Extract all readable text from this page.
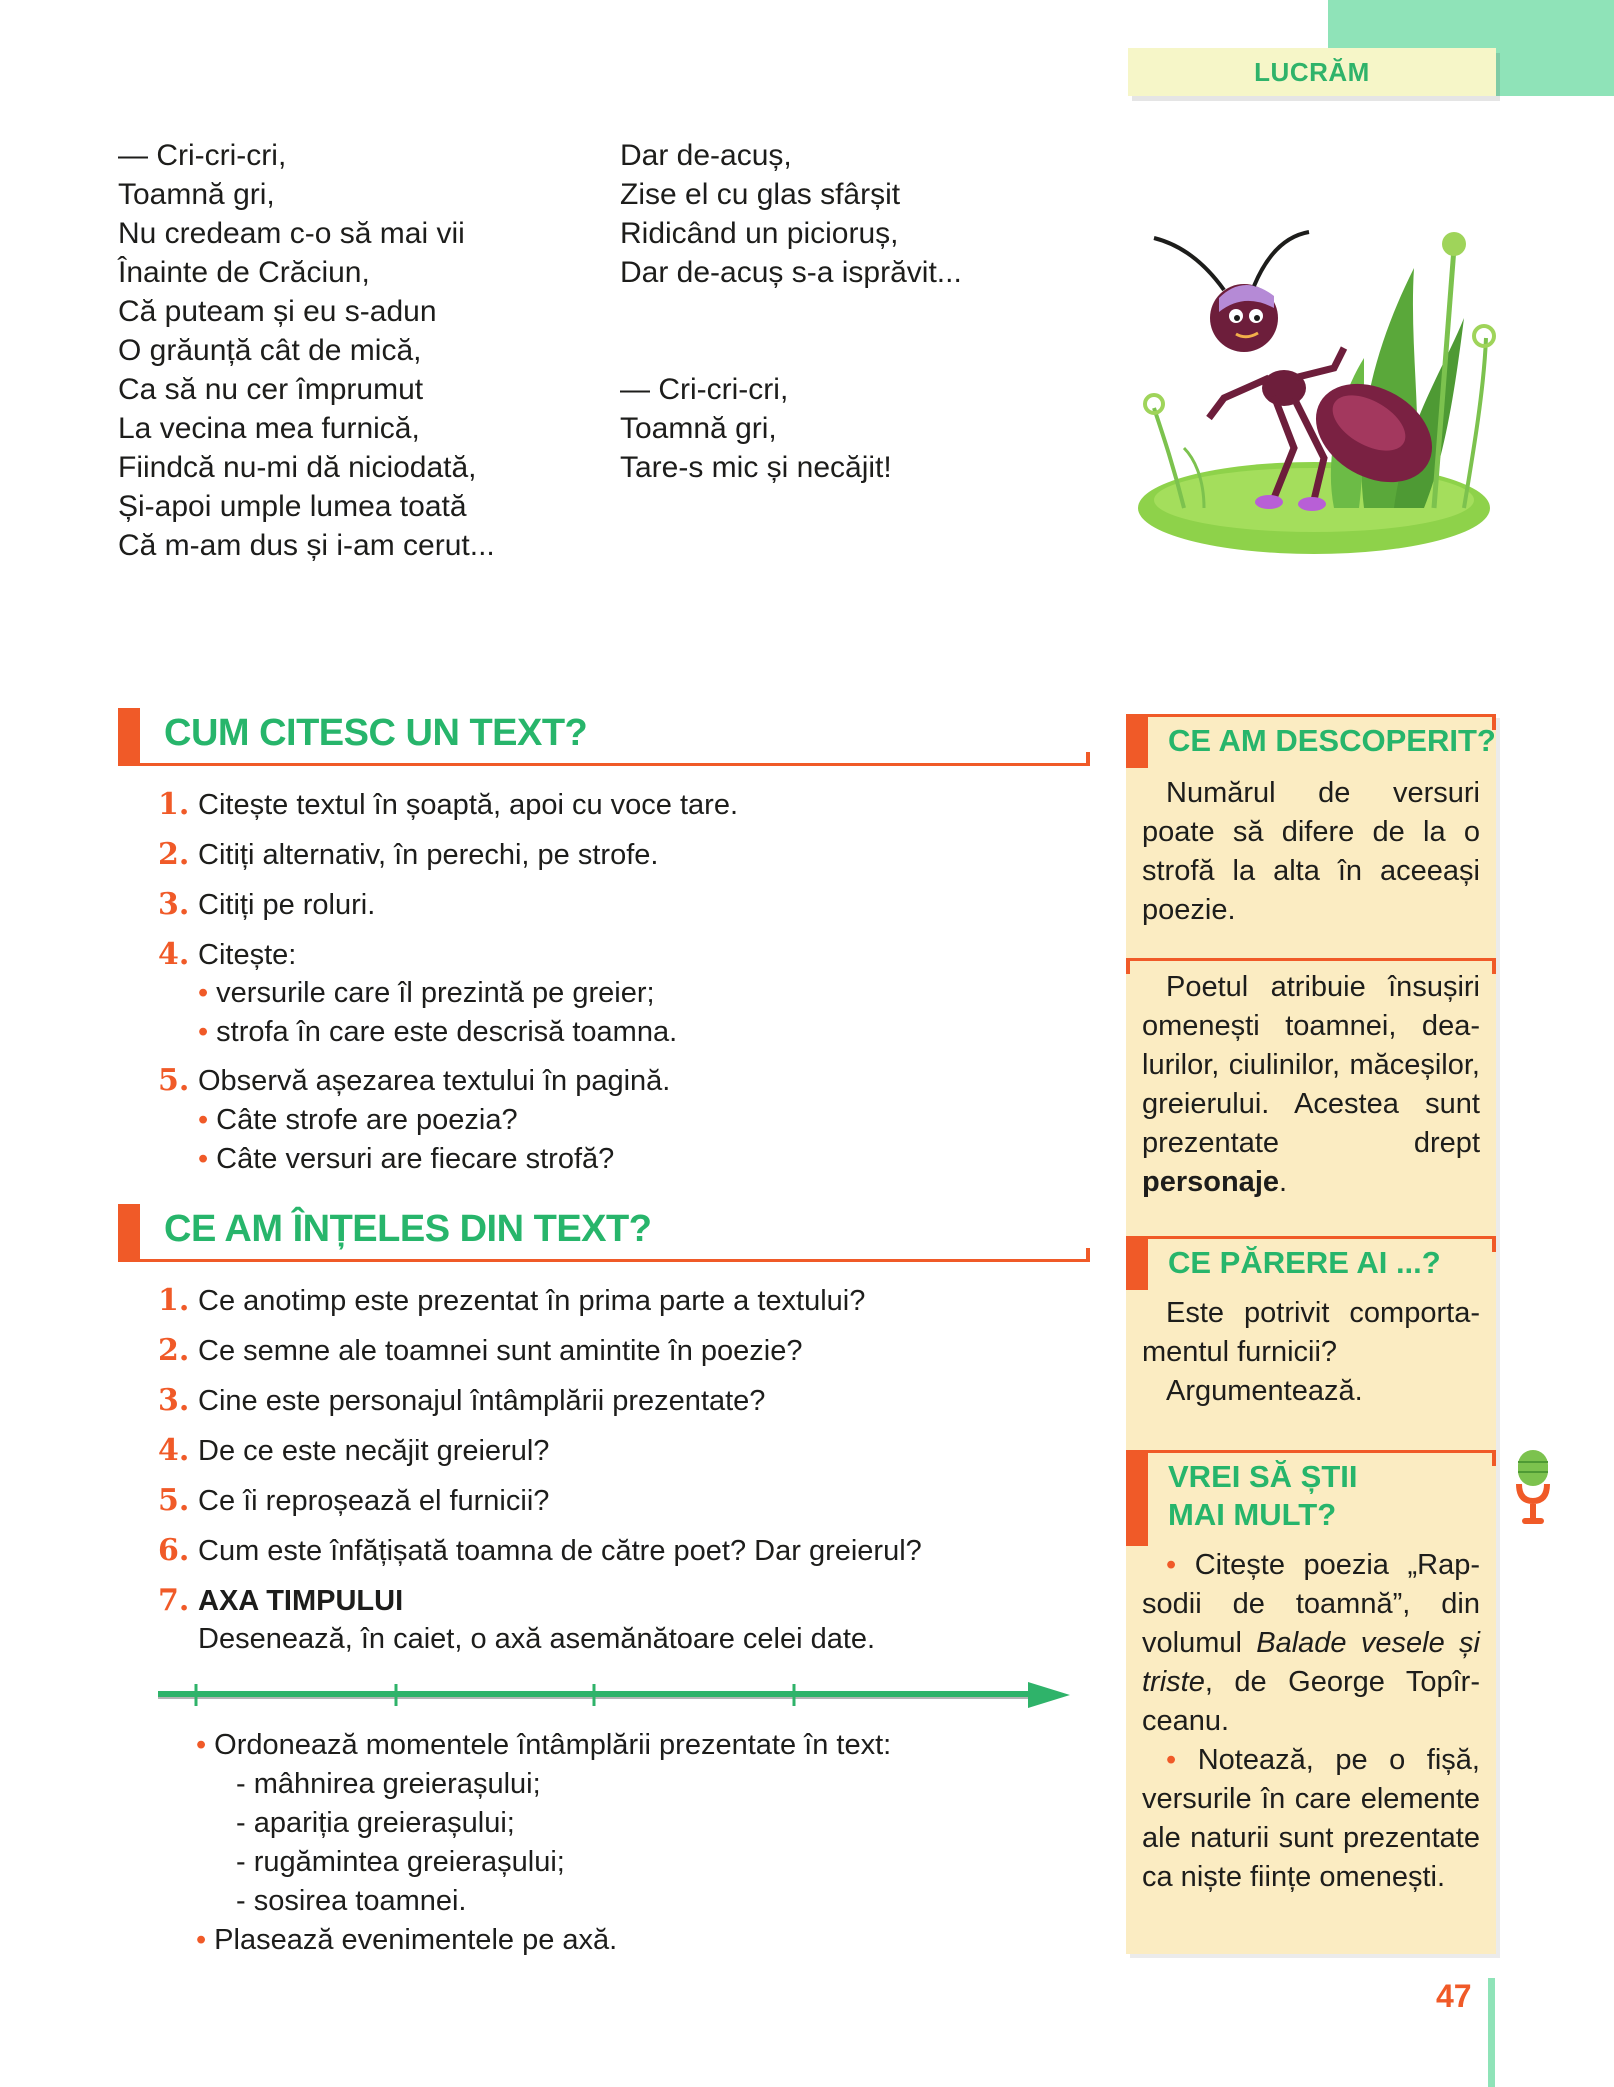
LUCRĂM
— Cri-cri-cri,
Toamnă gri,
Nu credeam c-o să mai vii
Înainte de Crăciun,
Că puteam și eu s-adun
O grăunță cât de mică,
Ca să nu cer împrumut
La vecina mea furnică,
Fiindcă nu-mi dă niciodată,
Și-apoi umple lumea toată
Că m-am dus și i-am cerut...
Dar de-acuș,
Zise el cu glas sfârșit
Ridicând un picioruș,
Dar de-acuș s-a isprăvit...
— Cri-cri-cri,
Toamnă gri,
Tare-s mic și necăjit!
CUM CITESC UN TEXT?
1. Citește textul în șoaptă, apoi cu voce tare.
2. Citiți alternativ, în perechi, pe strofe.
3. Citiți pe roluri.
4. Citește:
• versurile care îl prezintă pe greier;
• strofa în care este descrisă toamna.
5. Observă așezarea textului în pagină.
• Câte strofe are poezia?
• Câte versuri are fiecare strofă?
CE AM ÎNȚELES DIN TEXT?
1. Ce anotimp este prezentat în prima parte a textului?
2. Ce semne ale toamnei sunt amintite în poezie?
3. Cine este personajul întâmplării prezentate?
4. De ce este necăjit greierul?
5. Ce îi reproșează el furnicii?
6. Cum este înfățișată toamna de către poet? Dar greierul?
7. AXA TIMPULUI
Desenează, în caiet, o axă asemănătoare celei date.
• Ordonează momentele întâmplării prezentate în text:
- mâhnirea greierașului;
- apariția greierașului;
- rugămintea greierașului;
- sosirea toamnei.
• Plasează evenimentele pe axă.
CE AM DESCOPERIT?
Numărul de versuri poate să difere de la o strofă la alta în aceeași poezie.

Poetul atribuie însușiri omenești toamnei, dealurilor, ciulinilor, măceșilor, greierului. Acestea sunt prezentate drept personaje.

CE PĂRERE AI ...?

Este potrivit comportamentul furnicii?

Argumentează.

VREI SĂ ȘTII
MAI MULT?

• Citește poezia „Rapsodii de toamnă”, din volumul Balade vesele și triste, de George Topîrceanu.

• Notează, pe o fișă, versurile în care elemente ale naturii sunt prezentate ca niște ființe omenești.

47
